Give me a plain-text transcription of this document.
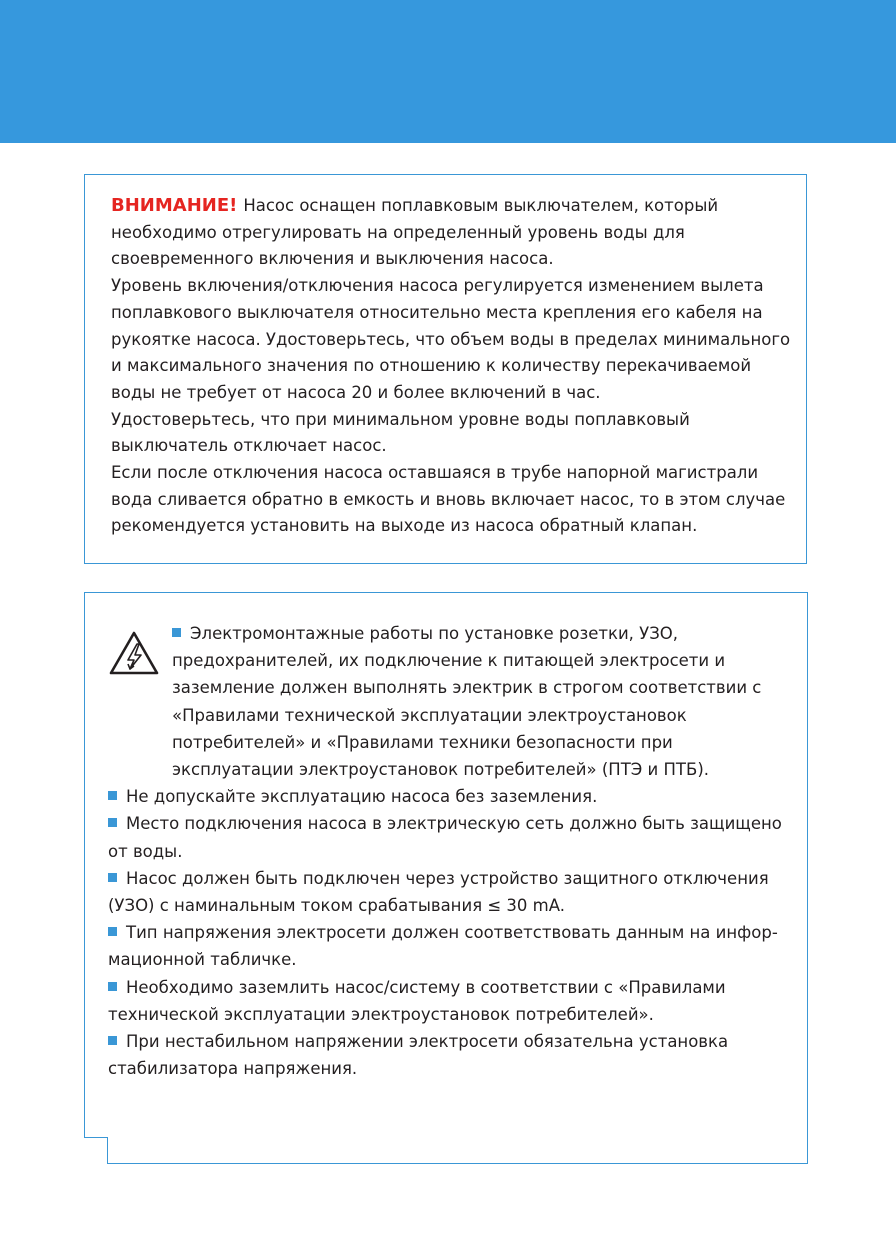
ВНИМАНИЕ! Насос оснащен поплавковым выключателем, который необходимо отрегулировать на определенный уровень воды для своевременного включения и выключения насоса.

Уровень включения/отключения насоса регулируется изменением вылета поплавкового выключателя относительно места крепления его кабеля на рукоятке насоса. Удостоверьтесь, что объем воды в пределах минимального и максимального значения по отношению к количеству перекачиваемой воды не требует от насоса 20 и более включений в час.

Удостоверьтесь, что при минимальном уровне воды поплавковый выключатель отключает насос.

Если после отключения насоса оставшаяся в трубе напорной магистрали вода сливается обратно в емкость и вновь включает насос, то в этом случае рекомендуется установить на выходе из насоса обратный клапан.

Электромонтажные работы по установке розетки, УЗО, предохранителей, их подключение к питающей электросети и заземление должен выполнять электрик в строгом соответствии с «Правилами технической эксплуатации электроустановок потребителей» и «Правилами техники безопасности при эксплуатации электроустановок потребителей» (ПТЭ и ПТБ).

Не допускайте эксплуатацию насоса без заземления.

Место подключения насоса в электрическую сеть должно быть защищено от воды.

Насос должен быть подключен через устройство защитного отключения (УЗО) с наминальным током срабатывания ≤ 30 mA.

Тип напряжения электросети должен соответствовать данным на инфор-мационной табличке.

Необходимо заземлить насос/систему в соответствии с «Правилами технической эксплуатации электроустановок потребителей».

При нестабильном напряжении электросети обязательна установка стабилизатора напряжения.
